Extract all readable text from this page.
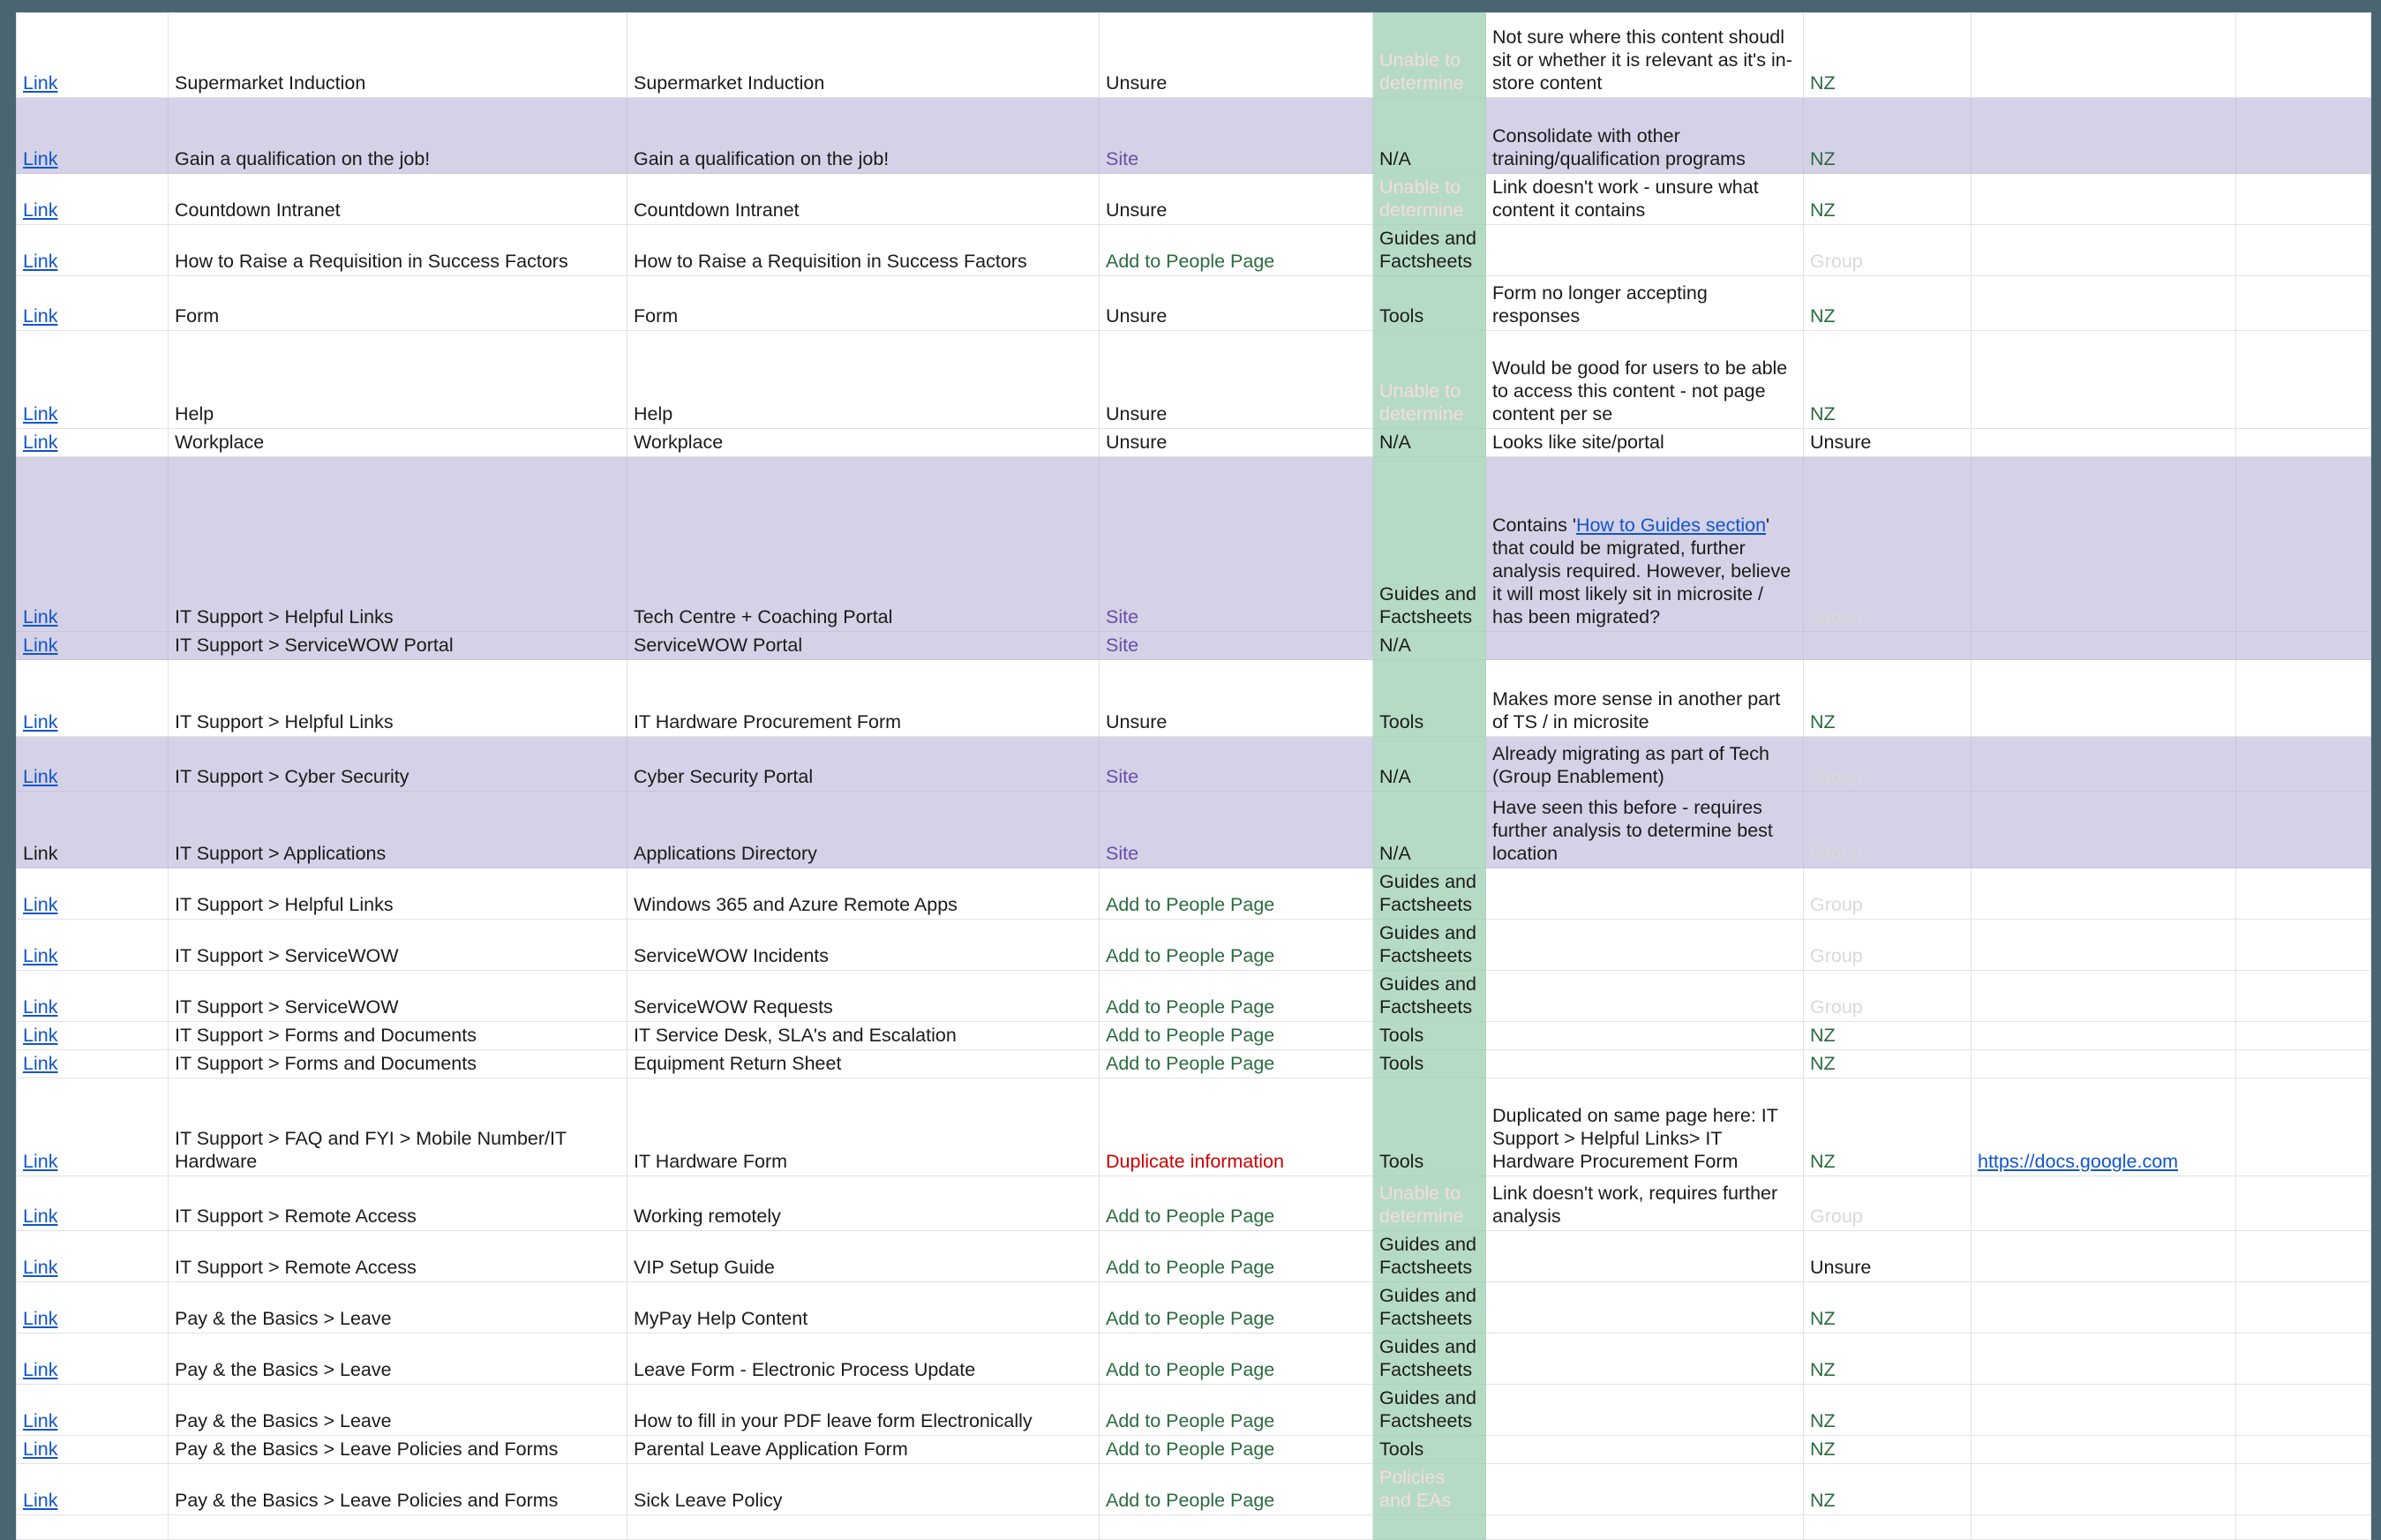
Link	Supermarket Induction	Supermarket Induction	Unsure	Unable to determine	Not sure where this content shoudl sit or whether it is relevant as it's in-store content	NZ		
Link	Gain a qualification on the job!	Gain a qualification on the job!	Site	N/A	Consolidate with other training/qualification programs	NZ		
Link	Countdown Intranet	Countdown Intranet	Unsure	Unable to determine	Link doesn't work - unsure what content it contains	NZ		
Link	How to Raise a Requisition in Success Factors	How to Raise a Requisition in Success Factors	Add to People Page	Guides and Factsheets		Group		
Link	Form	Form	Unsure	Tools	Form no longer accepting responses	NZ		
Link	Help	Help	Unsure	Unable to determine	Would be good for users to be able to access this content - not page content per se	NZ		
Link	Workplace	Workplace	Unsure	N/A	Looks like site/portal	Unsure		
Link	IT Support > Helpful Links	Tech Centre + Coaching Portal	Site	Guides and Factsheets	Contains 'How to Guides section' that could be migrated, further analysis required. However, believe it will most likely sit in microsite / has been migrated?	Group		
Link	IT Support > ServiceWOW Portal	ServiceWOW Portal	Site	N/A				
Link	IT Support > Helpful Links	IT Hardware Procurement Form	Unsure	Tools	Makes more sense in another part of TS / in microsite	NZ		
Link	IT Support > Cyber Security	Cyber Security Portal	Site	N/A	Already migrating as part of Tech (Group Enablement)	Group		
Link	IT Support > Applications	Applications Directory	Site	N/A	Have seen this before - requires further analysis to determine best location	Group		
Link	IT Support > Helpful Links	Windows 365 and Azure Remote Apps	Add to People Page	Guides and Factsheets		Group		
Link	IT Support > ServiceWOW	ServiceWOW Incidents	Add to People Page	Guides and Factsheets		Group		
Link	IT Support > ServiceWOW	ServiceWOW Requests	Add to People Page	Guides and Factsheets		Group		
Link	IT Support > Forms and Documents	IT Service Desk, SLA's and Escalation	Add to People Page	Tools		NZ		
Link	IT Support > Forms and Documents	Equipment Return Sheet	Add to People Page	Tools		NZ		
Link	IT Support > FAQ and FYI > Mobile Number/IT Hardware	IT Hardware Form	Duplicate information	Tools	Duplicated on same page here: IT Support > Helpful Links> IT Hardware Procurement Form	NZ	https://docs.google.com	
Link	IT Support > Remote Access	Working remotely	Add to People Page	Unable to determine	Link doesn't work, requires further analysis	Group		
Link	IT Support > Remote Access	VIP Setup Guide	Add to People Page	Guides and Factsheets		Unsure		
Link	Pay & the Basics > Leave	MyPay Help Content	Add to People Page	Guides and Factsheets		NZ		
Link	Pay & the Basics > Leave	Leave Form - Electronic Process Update	Add to People Page	Guides and Factsheets		NZ		
Link	Pay & the Basics > Leave	How to fill in your PDF leave form Electronically	Add to People Page	Guides and Factsheets		NZ		
Link	Pay & the Basics > Leave Policies and Forms	Parental Leave Application Form	Add to People Page	Tools		NZ		
Link	Pay & the Basics > Leave Policies and Forms	Sick Leave Policy	Add to People Page	Policies and EAs		NZ		
